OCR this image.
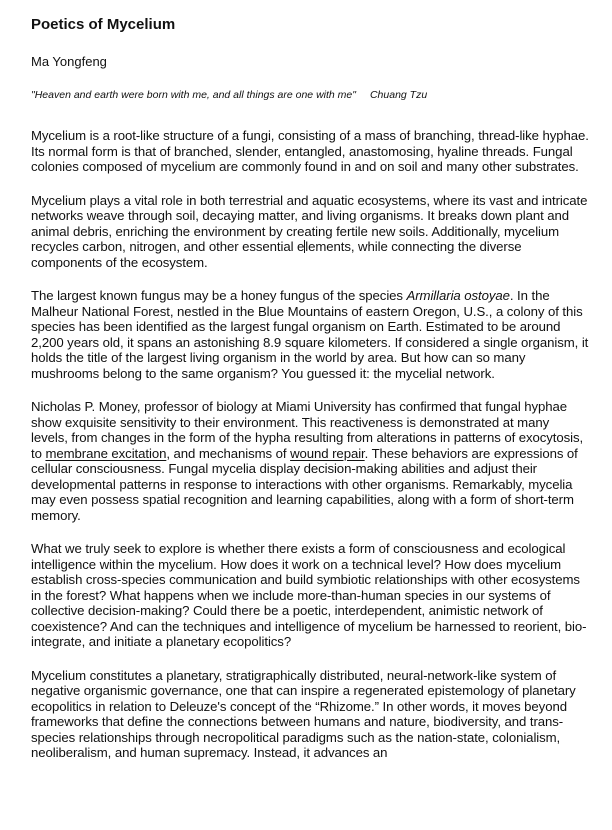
Poetics of Mycelium

Ma Yongfeng

"Heaven and earth were born with me, and all things are one with me" Chuang Tzu

Mycelium is a root-like structure of a fungi, consisting of a mass of branching, thread-like hyphae. Its normal form is that of branched, slender, entangled, anastomosing, hyaline threads. Fungal colonies composed of mycelium are commonly found in and on soil and many other substrates.

Mycelium plays a vital role in both terrestrial and aquatic ecosystems, where its vast and intricate networks weave through soil, decaying matter, and living organisms. It breaks down plant and animal debris, enriching the environment by creating fertile new soils. Additionally, mycelium recycles carbon, nitrogen, and other essential elements, while connecting the diverse components of the ecosystem.

The largest known fungus may be a honey fungus of the species Armillaria ostoyae. In the Malheur National Forest, nestled in the Blue Mountains of eastern Oregon, U.S., a colony of this species has been identified as the largest fungal organism on Earth. Estimated to be around 2,200 years old, it spans an astonishing 8.9 square kilometers. If considered a single organism, it holds the title of the largest living organism in the world by area. But how can so many mushrooms belong to the same organism? You guessed it: the mycelial network.

Nicholas P. Money, professor of biology at Miami University has confirmed that fungal hyphae show exquisite sensitivity to their environment. This reactiveness is demonstrated at many levels, from changes in the form of the hypha resulting from alterations in patterns of exocytosis, to membrane excitation, and mechanisms of wound repair. These behaviors are expressions of cellular consciousness. Fungal mycelia display decision-making abilities and adjust their developmental patterns in response to interactions with other organisms. Remarkably, mycelia may even possess spatial recognition and learning capabilities, along with a form of short-term memory.

What we truly seek to explore is whether there exists a form of consciousness and ecological intelligence within the mycelium. How does it work on a technical level? How does mycelium establish cross-species communication and build symbiotic relationships with other ecosystems in the forest? What happens when we include more-than-human species in our systems of collective decision-making? Could there be a poetic, interdependent, animistic network of coexistence? And can the techniques and intelligence of mycelium be harnessed to reorient, bio-integrate, and initiate a planetary ecopolitics?

Mycelium constitutes a planetary, stratigraphically distributed, neural-network-like system of negative organismic governance, one that can inspire a regenerated epistemology of planetary ecopolitics in relation to Deleuze's concept of the “Rhizome.” In other words, it moves beyond frameworks that define the connections between humans and nature, biodiversity, and trans-species relationships through necropolitical paradigms such as the nation-state, colonialism, neoliberalism, and human supremacy. Instead, it advances an
